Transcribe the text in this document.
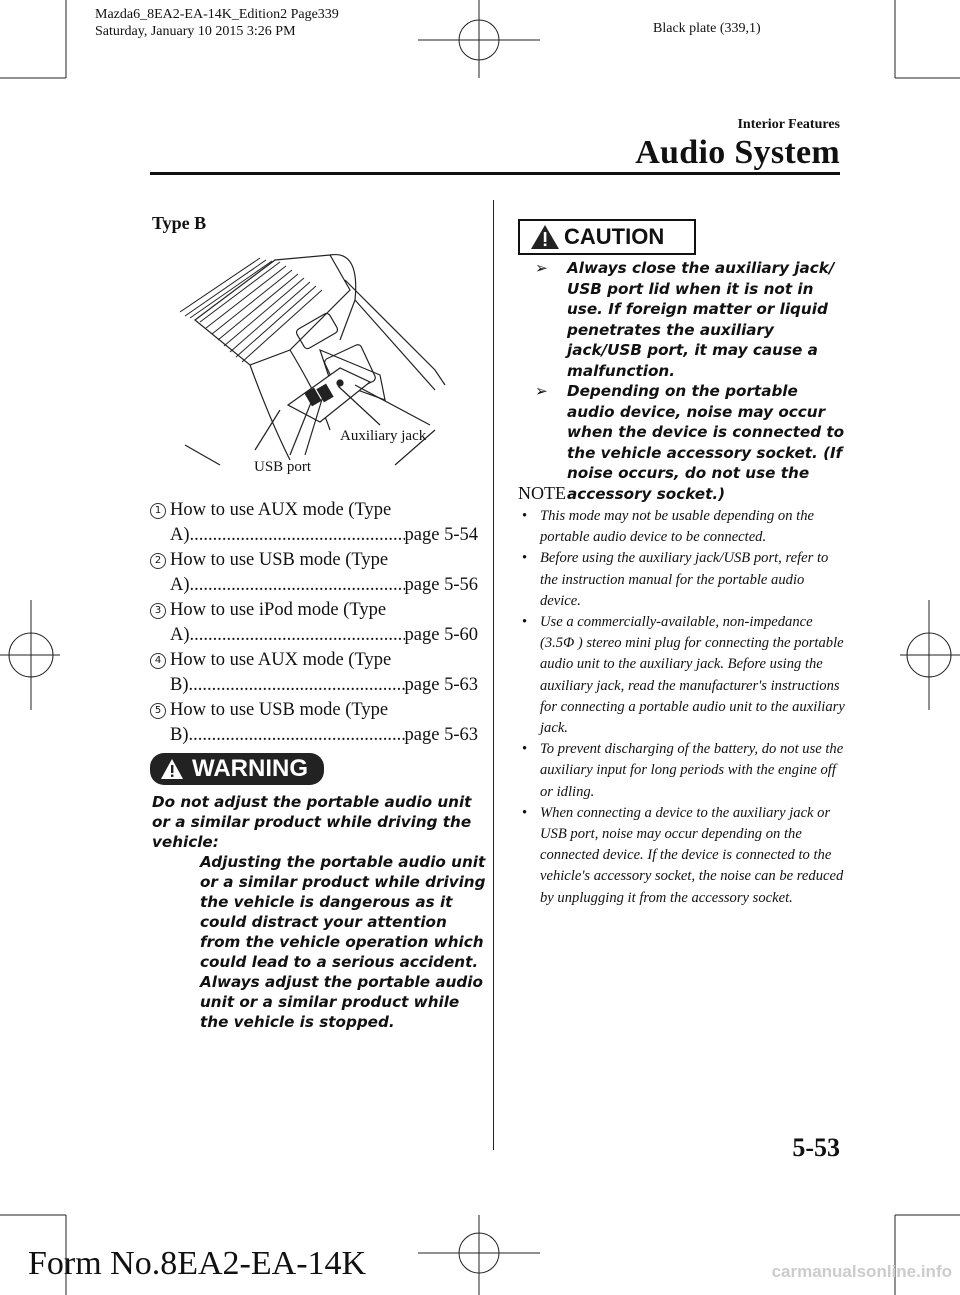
Mazda6_8EA2-EA-14K_Edition2 Page339
Saturday, January 10 2015 3:26 PM	Black plate (339,1)
Interior Features
Audio System
Type B
Auxiliary jack
USB port
1 How to use AUX mode (Type
A) .....	page 5-54
2 How to use USB mode (Type
A) .....	page 5-56
3 How to use iPod mode (Type
A) .....	page 5-60
4 How to use AUX mode (Type
B) .....	page 5-63
5 How to use USB mode (Type
B) .....	page 5-63
WARNING
Do not adjust the portable audio unit or a similar product while driving the vehicle:
Adjusting the portable audio unit or a similar product while driving the vehicle is dangerous as it could distract your attention from the vehicle operation which could lead to a serious accident. Always adjust the portable audio unit or a similar product while the vehicle is stopped.
CAUTION
➢ Always close the auxiliary jack/ USB port lid when it is not in use. If foreign matter or liquid penetrates the auxiliary jack/USB port, it may cause a malfunction.
➢ Depending on the portable audio device, noise may occur when the device is connected to the vehicle accessory socket. (If noise occurs, do not use the accessory socket.)
NOTE
• This mode may not be usable depending on the portable audio device to be connected.
• Before using the auxiliary jack/USB port, refer to the instruction manual for the portable audio device.
• Use a commercially-available, non-impedance (3.5Φ ) stereo mini plug for connecting the portable audio unit to the auxiliary jack. Before using the auxiliary jack, read the manufacturer's instructions for connecting a portable audio unit to the auxiliary jack.
• To prevent discharging of the battery, do not use the auxiliary input for long periods with the engine off or idling.
• When connecting a device to the auxiliary jack or USB port, noise may occur depending on the connected device. If the device is connected to the vehicle's accessory socket, the noise can be reduced by unplugging it from the accessory socket.
5-53
Form No.8EA2-EA-14K	carmanualsonline.info
